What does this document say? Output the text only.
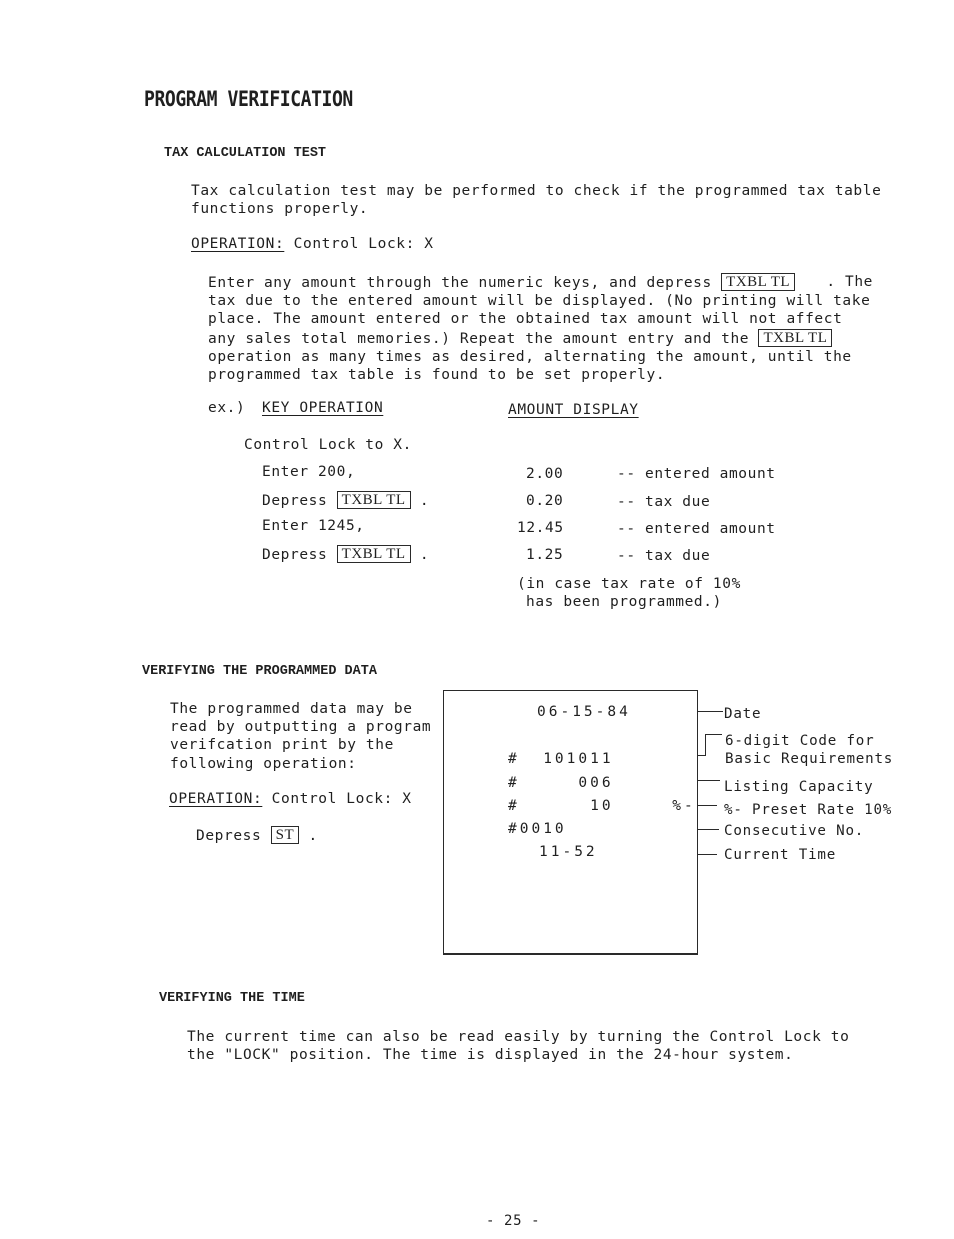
PROGRAM VERIFICATION
TAX CALCULATION TEST
Tax calculation test may be performed to check if the programmed tax table
functions properly.
OPERATION: Control Lock: X
Enter any amount through the numeric keys, and depress TXBL TL	. The
tax due to the entered amount will be displayed. (No printing will take
place. The amount entered or the obtained tax amount will not affect
any sales total memories.) Repeat the amount entry and the TXBL TL
operation as many times as desired, alternating the amount, until the
programmed tax table is found to be set properly.
ex.) KEY OPERATION	AMOUNT DISPLAY
Control Lock to X.
Enter 200,
Depress TXBL TL .
Enter 1245,
Depress TXBL TL .
2.00
0.20
12.45
1.25
-- entered amount
-- tax due
-- entered amount
-- tax due
(in case tax rate of 10%
has been programmed.)
VERIFYING THE PROGRAMMED DATA
The programmed data may be
read by outputting a program
verifcation print by the
following operation:
OPERATION: Control Lock: X
Depress ST .
06-15-84
#  101011
#     006
#      10     %-
#0010
11-52
Date
6-digit Code for
Basic Requirements
Listing Capacity
%- Preset Rate 10%
Consecutive No.
Current Time
VERIFYING THE TIME
The current time can also be read easily by turning the Control Lock to
the "LOCK" position. The time is displayed in the 24-hour system.
- 25 -
